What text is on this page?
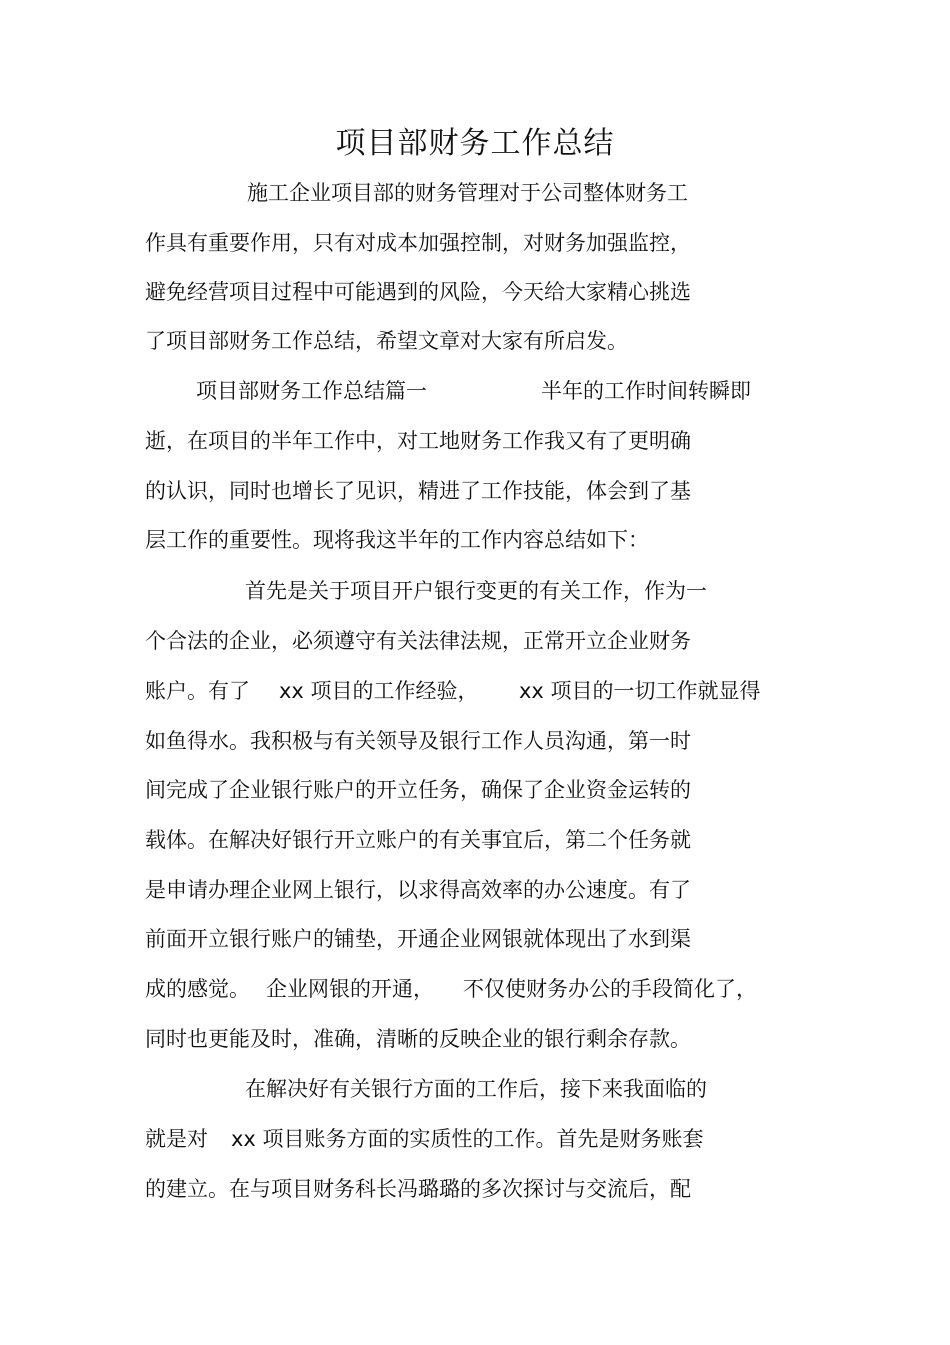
项目部财务工作总结
施工企业项目部的财务管理对于公司整体财务工
作具有重要作用，只有对成本加强控制，对财务加强监控，
避免经营项目过程中可能遇到的风险，今天给大家精心挑选
了项目部财务工作总结，希望文章对大家有所启发。
项目部财务工作总结篇一	半年的工作时间转瞬即
逝，在项目的半年工作中，对工地财务工作我又有了更明确
的认识，同时也增长了见识，精进了工作技能，体会到了基
层工作的重要性。现将我这半年的工作内容总结如下：
首先是关于项目开户银行变更的有关工作，作为一
个合法的企业，必须遵守有关法律法规，正常开立企业财务
账户。有了 xx 项目的工作经验， xx 项目的一切工作就显得
如鱼得水。我积极与有关领导及银行工作人员沟通，第一时
间完成了企业银行账户的开立任务，确保了企业资金运转的
载体。在解决好银行开立账户的有关事宜后，第二个任务就
是申请办理企业网上银行，以求得高效率的办公速度。有了
前面开立银行账户的铺垫，开通企业网银就体现出了水到渠
成的感觉。 企业网银的开通， 不仅使财务办公的手段简化了，
同时也更能及时，准确，清晰的反映企业的银行剩余存款。
在解决好有关银行方面的工作后，接下来我面临的
就是对 xx 项目账务方面的实质性的工作。首先是财务账套
的建立。在与项目财务科长冯璐璐的多次探讨与交流后，配
